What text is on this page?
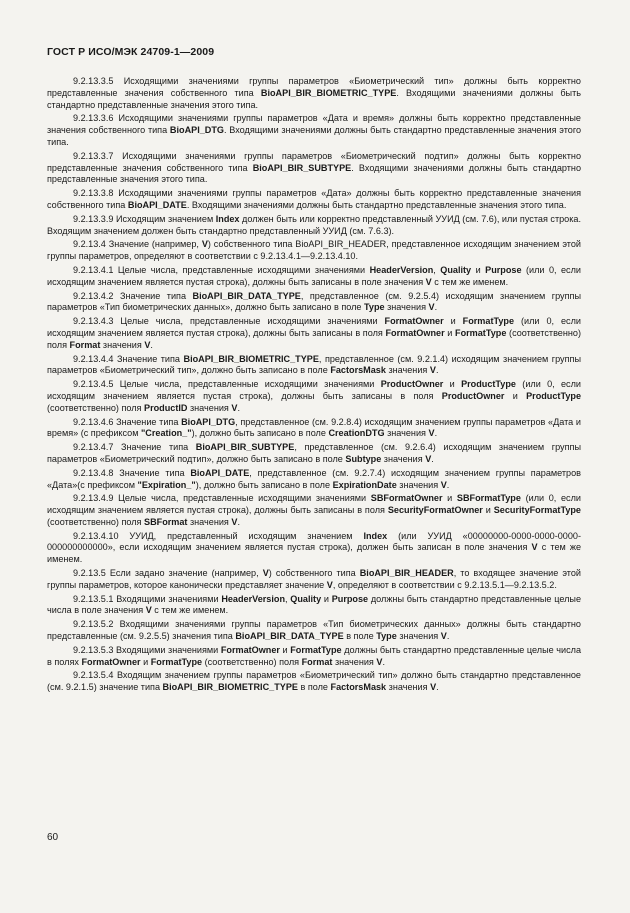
ГОСТ Р ИСО/МЭК 24709-1—2009

9.2.13.3.5 Исходящими значениями группы параметров «Биометрический тип» должны быть корректно представленные значения собственного типа BioAPI_BIR_BIOMETRIC_TYPE. Входящими значениями должны быть стандартно представленные значения этого типа.

9.2.13.3.6 Исходящими значениями группы параметров «Дата и время» должны быть корректно представленные значения собственного типа BioAPI_DTG. Входящими значениями должны быть стандартно представленные значения этого типа.

9.2.13.3.7 Исходящими значениями группы параметров «Биометрический подтип» должны быть корректно представленные значения собственного типа BioAPI_BIR_SUBTYPE. Входящими значениями должны быть стандартно представленные значения этого типа.

9.2.13.3.8 Исходящими значениями группы параметров «Дата» должны быть корректно представленные значения собственного типа BioAPI_DATE. Входящими значениями должны быть стандартно представленные значения этого типа.

9.2.13.3.9 Исходящим значением Index должен быть или корректно представленный УУИД (см. 7.6), или пустая строка. Входящим значением должен быть стандартно представленный УУИД (см. 7.6.3).

9.2.13.4 Значение (например, V) собственного типа BioAPI_BIR_HEADER, представленное исходящим значением этой группы параметров, определяют в соответствии с 9.2.13.4.1—9.2.13.4.10.

9.2.13.4.1 Целые числа, представленные исходящими значениями HeaderVersion, Quality и Purpose (или 0, если исходящим значением является пустая строка), должны быть записаны в поле значения V с тем же именем.

9.2.13.4.2 Значение типа BioAPI_BIR_DATA_TYPE, представленное (см. 9.2.5.4) исходящим значением группы параметров «Тип биометрических данных», должно быть записано в поле Type значения V.

9.2.13.4.3 Целые числа, представленные исходящими значениями FormatOwner и FormatType (или 0, если исходящим значением является пустая строка), должны быть записаны в поля FormatOwner и FormatType (соответственно) поля Format значения V.

9.2.13.4.4 Значение типа BioAPI_BIR_BIOMETRIC_TYPE, представленное (см. 9.2.1.4) исходящим значением группы параметров «Биометрический тип», должно быть записано в поле FactorsMask значения V.

9.2.13.4.5 Целые числа, представленные исходящими значениями ProductOwner и ProductType (или 0, если исходящим значением является пустая строка), должны быть записаны в поля ProductOwner и ProductType (соответственно) поля ProductID значения V.

9.2.13.4.6 Значение типа BioAPI_DTG, представленное (см. 9.2.8.4) исходящим значением группы параметров «Дата и время» (с префиксом "Creation_"), должно быть записано в поле CreationDTG значения V.

9.2.13.4.7 Значение типа BioAPI_BIR_SUBTYPE, представленное (см. 9.2.6.4) исходящим значением группы параметров «Биометрический подтип», должно быть записано в поле Subtype значения V.

9.2.13.4.8 Значение типа BioAPI_DATE, представленное (см. 9.2.7.4) исходящим значением группы параметров «Дата»(с префиксом "Expiration_"), должно быть записано в поле ExpirationDate значения V.

9.2.13.4.9 Целые числа, представленные исходящими значениями SBFormatOwner и SBFormatType (или 0, если исходящим значением является пустая строка), должны быть записаны в поля SecurityFormatOwner и SecurityFormatType (соответственно) поля SBFormat значения V.

9.2.13.4.10 УУИД, представленный исходящим значением Index (или УУИД «00000000-0000-0000-0000-000000000000», если исходящим значением является пустая строка), должен быть записан в поле значения V с тем же именем.

9.2.13.5 Если задано значение (например, V) собственного типа BioAPI_BIR_HEADER, то входящее значение этой группы параметров, которое канонически представляет значение V, определяют в соответствии с 9.2.13.5.1—9.2.13.5.2.

9.2.13.5.1 Входящими значениями HeaderVersion, Quality и Purpose должны быть стандартно представленные целые числа в поле значения V с тем же именем.

9.2.13.5.2 Входящими значениями группы параметров «Тип биометрических данных» должны быть стандартно представленные (см. 9.2.5.5) значения типа BioAPI_BIR_DATA_TYPE в поле Type значения V.

9.2.13.5.3 Входящими значениями FormatOwner и FormatType должны быть стандартно представленные целые числа в полях FormatOwner и FormatType (соответственно) поля Format значения V.

9.2.13.5.4 Входящим значением группы параметров «Биометрический тип» должно быть стандартно представленное (см. 9.2.1.5) значение типа BioAPI_BIR_BIOMETRIC_TYPE в поле FactorsMask значения V.

60
